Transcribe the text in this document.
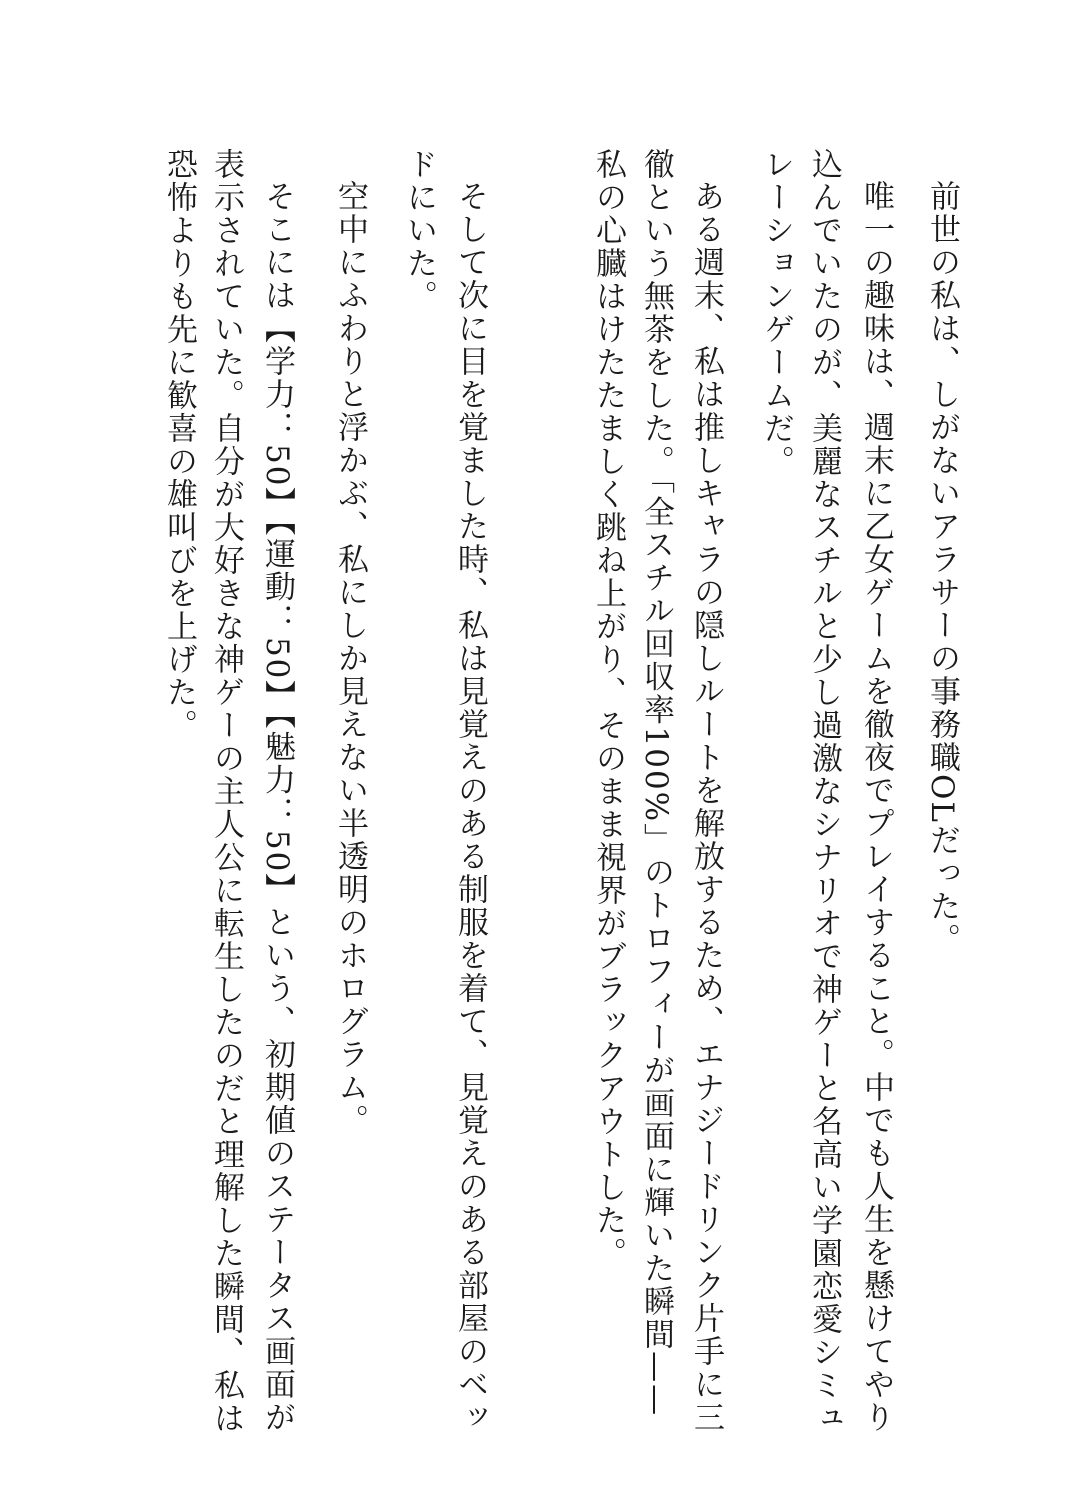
前世の私は、しがないアラサーの事務職OLだった。

唯一の趣味は、週末に乙女ゲームを徹夜でプレイすること。中でも人生を懸けてやり

込んでいたのが、美麗なスチルと少し過激なシナリオで神ゲーと名高い学園恋愛シミュ

レーションゲームだ。

ある週末、私は推しキャラの隠しルートを解放するため、エナジードリンク片手に三

徹という無茶をした。「全スチル回収率100%」のトロフィーが画面に輝いた瞬間——

私の心臓はけたたましく跳ね上がり、そのまま視界がブラックアウトした。

そして次に目を覚ました時、私は見覚えのある制服を着て、見覚えのある部屋のベッ

ドにいた。

空中にふわりと浮かぶ、私にしか見えない半透明のホログラム。

そこには【学力：50】【運動：50】【魅力：50】という、初期値のステータス画面が

表示されていた。自分が大好きな神ゲーの主人公に転生したのだと理解した瞬間、私は

恐怖よりも先に歓喜の雄叫びを上げた。
